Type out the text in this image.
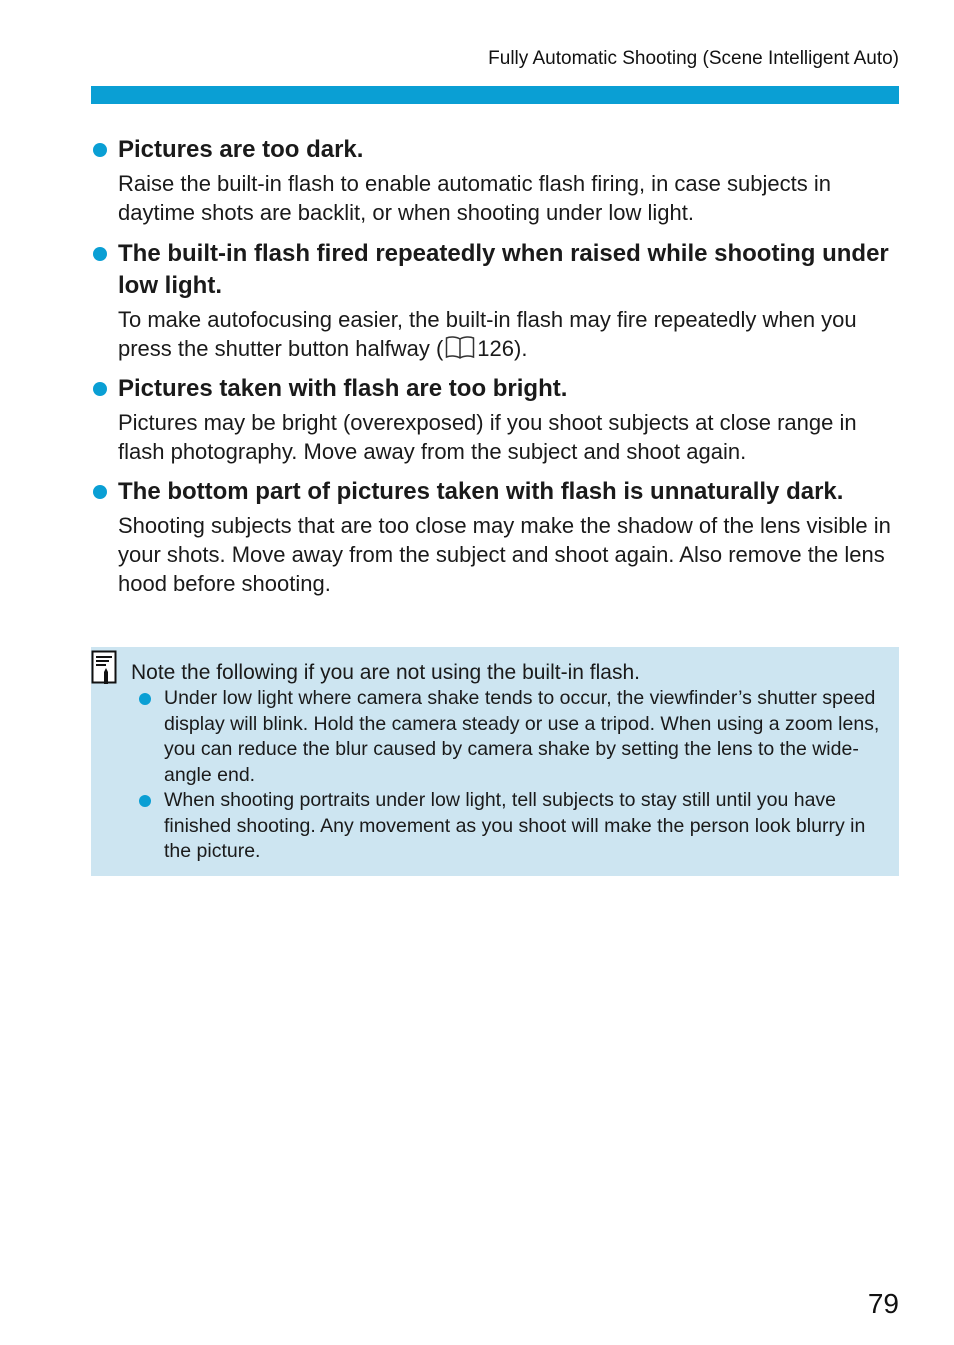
Fully Automatic Shooting (Scene Intelligent Auto)
Pictures are too dark.
Raise the built-in flash to enable automatic flash firing, in case subjects in daytime shots are backlit, or when shooting under low light.
The built-in flash fired repeatedly when raised while shooting under low light.
To make autofocusing easier, the built-in flash may fire repeatedly when you press the shutter button halfway ( 126).
Pictures taken with flash are too bright.
Pictures may be bright (overexposed) if you shoot subjects at close range in flash photography. Move away from the subject and shoot again.
The bottom part of pictures taken with flash is unnaturally dark.
Shooting subjects that are too close may make the shadow of the lens visible in your shots. Move away from the subject and shoot again. Also remove the lens hood before shooting.
Note the following if you are not using the built-in flash.
Under low light where camera shake tends to occur, the viewfinder’s shutter speed display will blink. Hold the camera steady or use a tripod. When using a zoom lens, you can reduce the blur caused by camera shake by setting the lens to the wide-angle end.
When shooting portraits under low light, tell subjects to stay still until you have finished shooting. Any movement as you shoot will make the person look blurry in the picture.
79
